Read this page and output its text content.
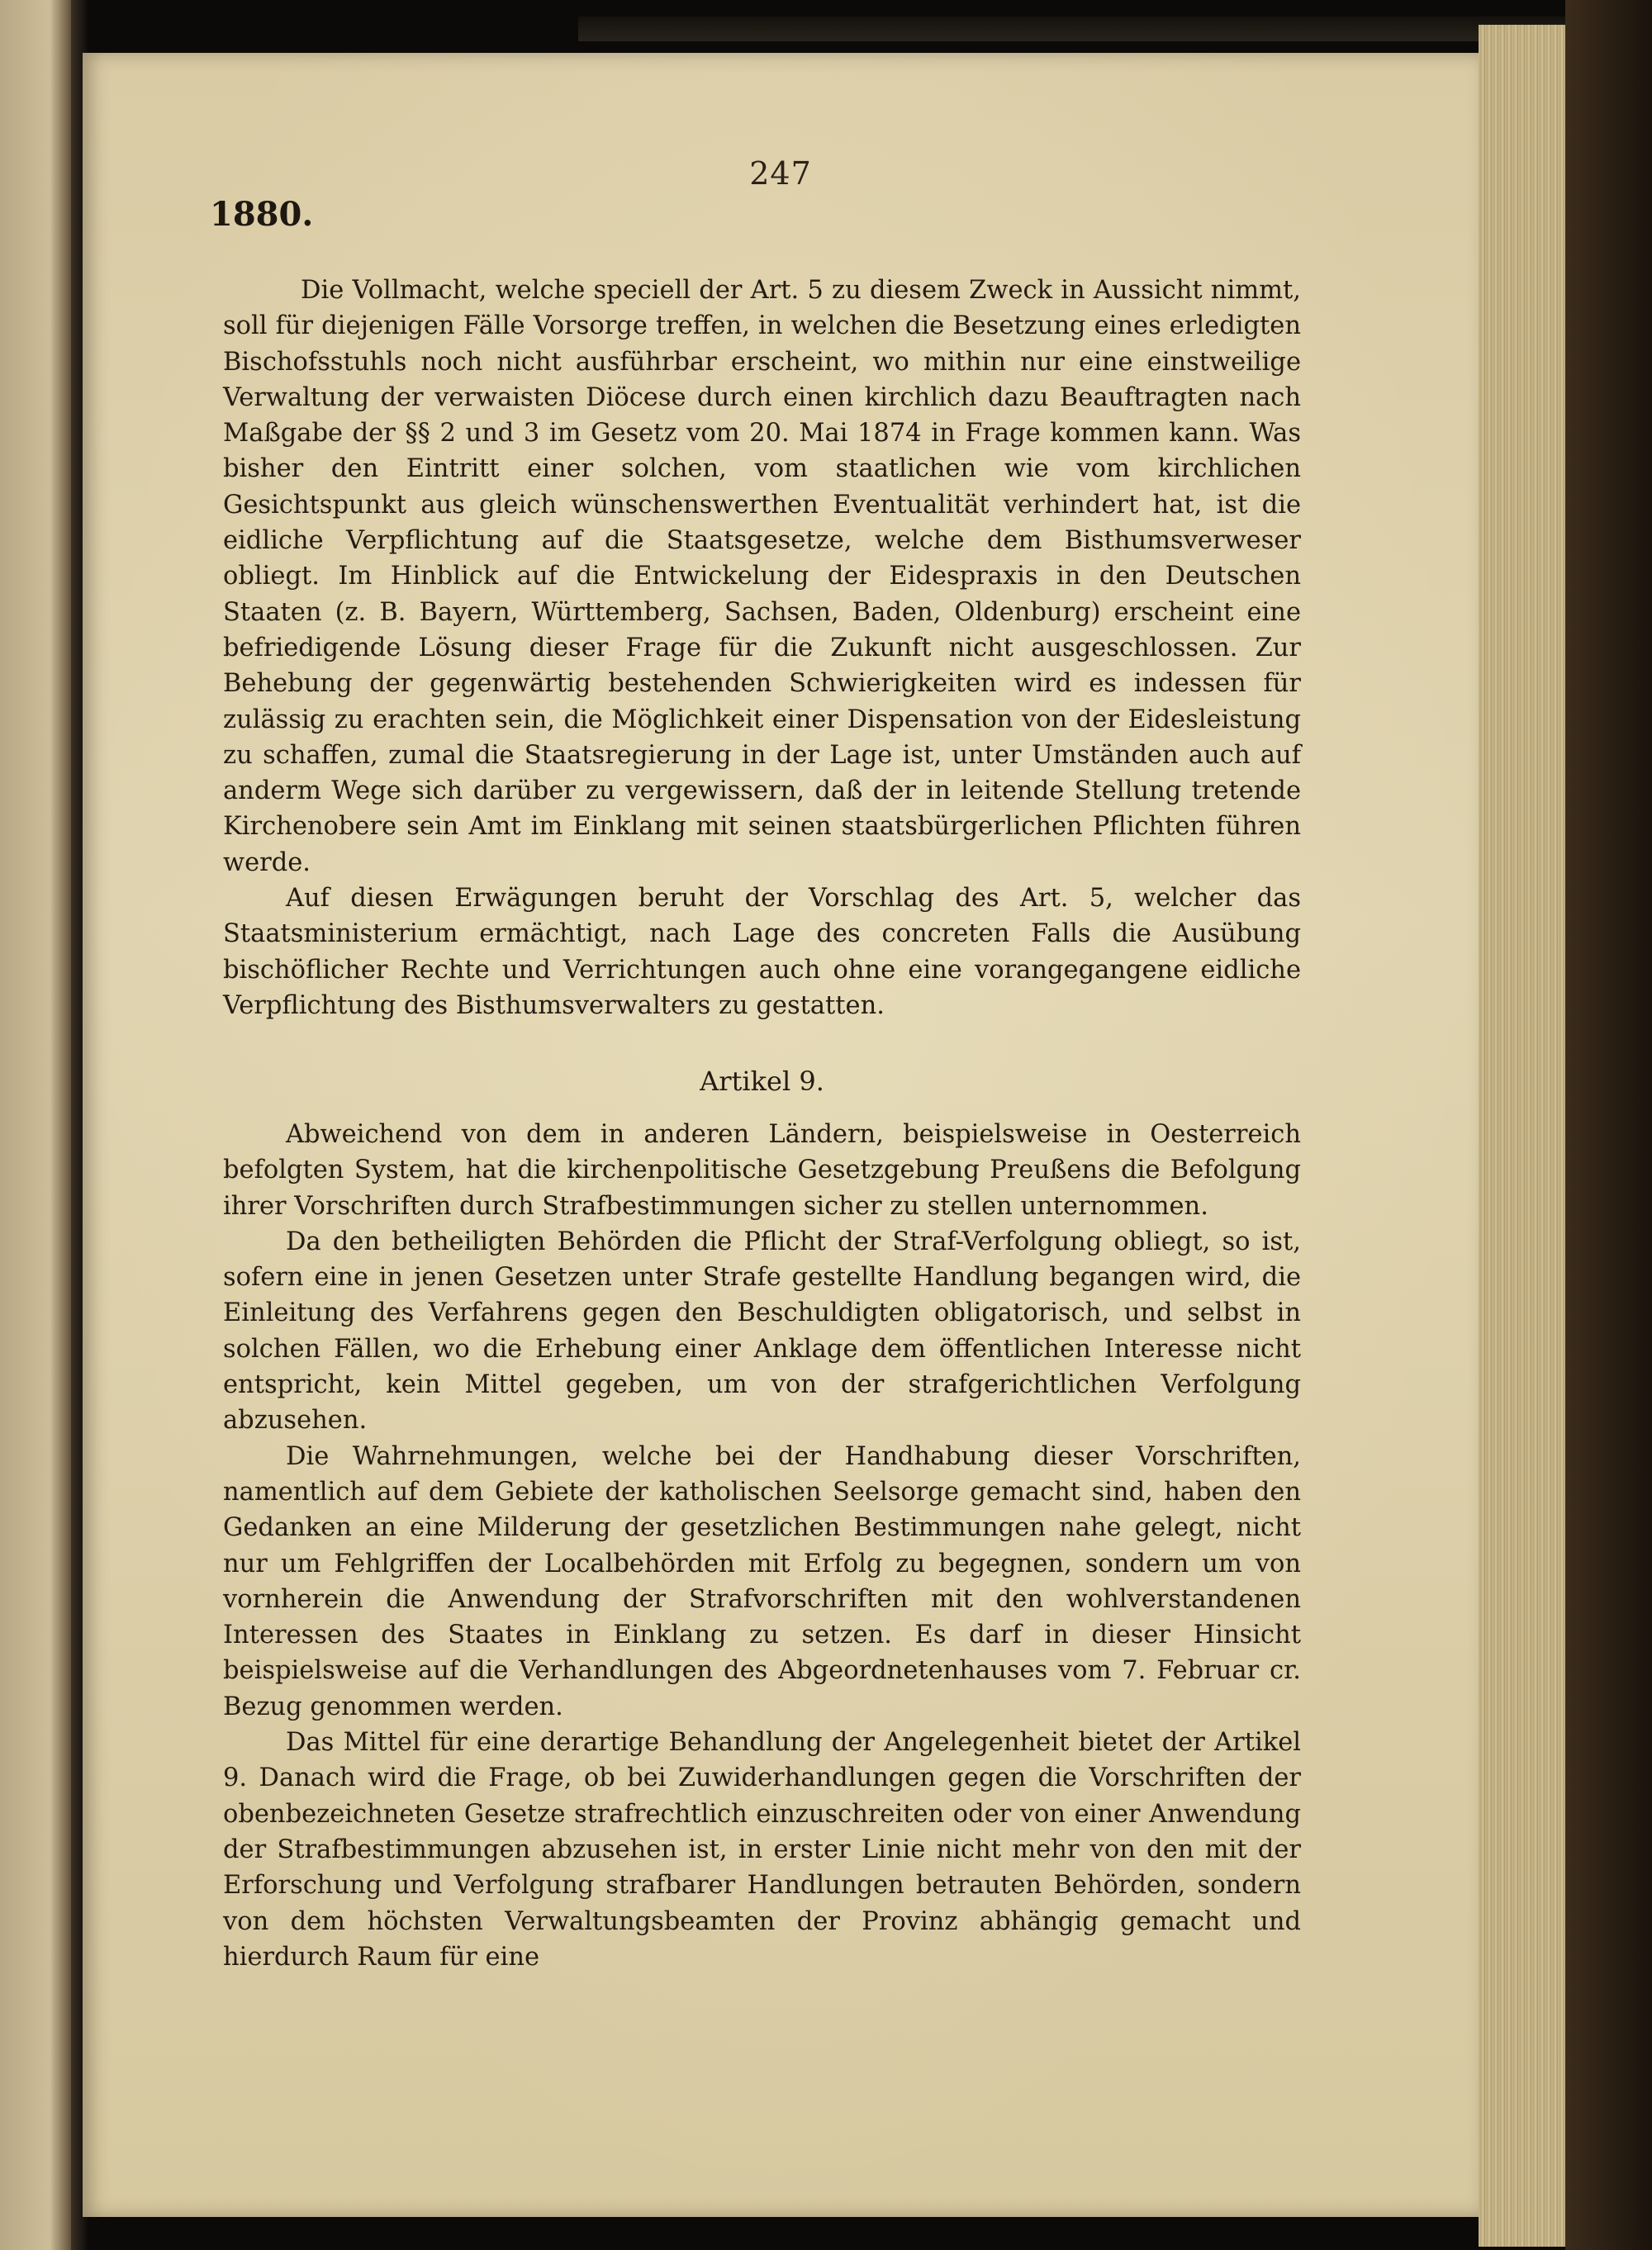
247
1880.

Die Vollmacht, welche speciell der Art. 5 zu diesem Zweck in Aussicht nimmt, soll für diejenigen Fälle Vorsorge treffen, in welchen die Besetzung eines erledigten Bischofsstuhls noch nicht ausführbar erscheint, wo mithin nur eine einstweilige Verwaltung der verwaisten Diöcese durch einen kirchlich dazu Beauftragten nach Maßgabe der §§ 2 und 3 im Gesetz vom 20. Mai 1874 in Frage kommen kann. Was bisher den Eintritt einer solchen, vom staatlichen wie vom kirchlichen Gesichtspunkt aus gleich wünschenswerthen Eventualität verhindert hat, ist die eidliche Verpflichtung auf die Staatsgesetze, welche dem Bisthumsverweser obliegt. Im Hinblick auf die Entwickelung der Eidespraxis in den Deutschen Staaten (z. B. Bayern, Württemberg, Sachsen, Baden, Oldenburg) erscheint eine befriedigende Lösung dieser Frage für die Zukunft nicht ausgeschlossen. Zur Behebung der gegenwärtig bestehenden Schwierigkeiten wird es indessen für zulässig zu erachten sein, die Möglichkeit einer Dispensation von der Eidesleistung zu schaffen, zumal die Staatsregierung in der Lage ist, unter Umständen auch auf anderm Wege sich darüber zu vergewissern, daß der in leitende Stellung tretende Kirchenobere sein Amt im Einklang mit seinen staatsbürgerlichen Pflichten führen werde.

Auf diesen Erwägungen beruht der Vorschlag des Art. 5, welcher das Staatsministerium ermächtigt, nach Lage des concreten Falls die Ausübung bischöflicher Rechte und Verrichtungen auch ohne eine vorangegangene eidliche Verpflichtung des Bisthumsverwalters zu gestatten.

Artikel 9.

Abweichend von dem in anderen Ländern, beispielsweise in Oesterreich befolgten System, hat die kirchenpolitische Gesetzgebung Preußens die Befolgung ihrer Vorschriften durch Strafbestimmungen sicher zu stellen unternommen.

Da den betheiligten Behörden die Pflicht der Straf-Verfolgung obliegt, so ist, sofern eine in jenen Gesetzen unter Strafe gestellte Handlung begangen wird, die Einleitung des Verfahrens gegen den Beschuldigten obligatorisch, und selbst in solchen Fällen, wo die Erhebung einer Anklage dem öffentlichen Interesse nicht entspricht, kein Mittel gegeben, um von der strafgerichtlichen Verfolgung abzusehen.

Die Wahrnehmungen, welche bei der Handhabung dieser Vorschriften, namentlich auf dem Gebiete der katholischen Seelsorge gemacht sind, haben den Gedanken an eine Milderung der gesetzlichen Bestimmungen nahe gelegt, nicht nur um Fehlgriffen der Localbehörden mit Erfolg zu begegnen, sondern um von vornherein die Anwendung der Strafvorschriften mit den wohlverstandenen Interessen des Staates in Einklang zu setzen. Es darf in dieser Hinsicht beispielsweise auf die Verhandlungen des Abgeordnetenhauses vom 7. Februar cr. Bezug genommen werden.

Das Mittel für eine derartige Behandlung der Angelegenheit bietet der Artikel 9. Danach wird die Frage, ob bei Zuwiderhandlungen gegen die Vorschriften der obenbezeichneten Gesetze strafrechtlich einzuschreiten oder von einer Anwendung der Strafbestimmungen abzusehen ist, in erster Linie nicht mehr von den mit der Erforschung und Verfolgung strafbarer Handlungen betrauten Behörden, sondern von dem höchsten Verwaltungsbeamten der Provinz abhängig gemacht und hierdurch Raum für eine
